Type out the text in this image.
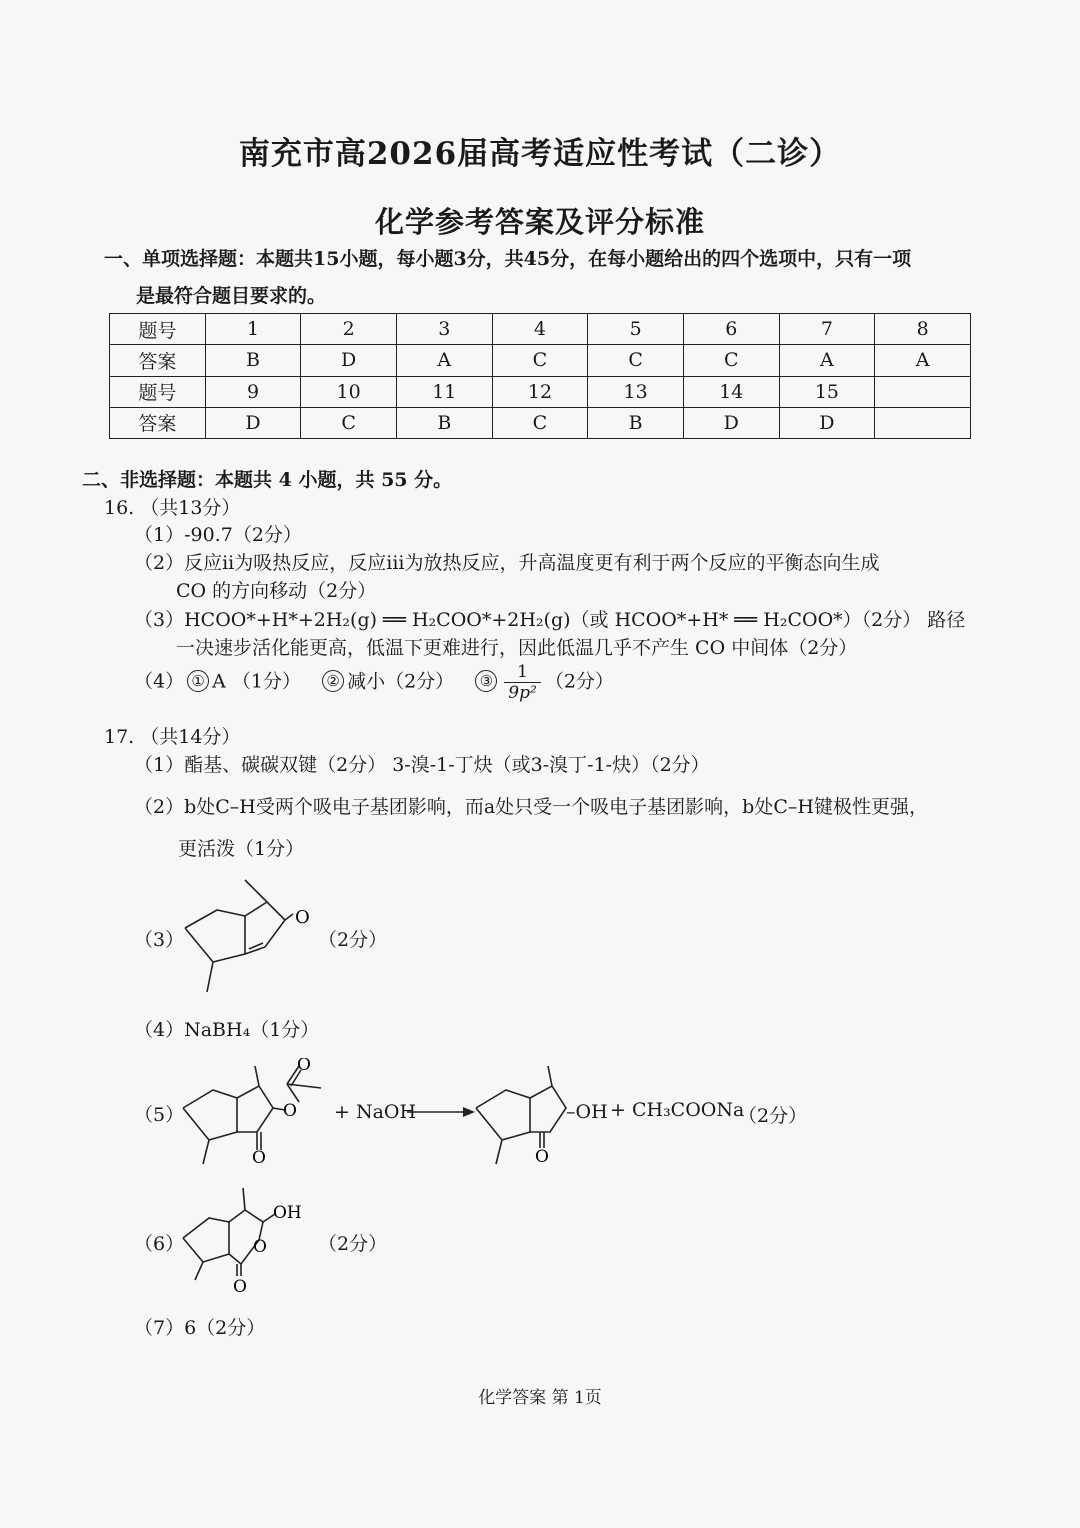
南充市高2026届高考适应性考试（二诊）
化学参考答案及评分标准
一、单项选择题：本题共15小题，每小题3分，共45分，在每小题给出的四个选项中，只有一项
是最符合题目要求的。
题号	1	2	3	4	5	6	7	8
答案	B	D	A	C	C	C	A	A
题号	9	10	11	12	13	14	15	
答案	D	C	B	C	B	D	D	
二、非选择题：本题共 4 小题，共 55 分。
16. （共13分）
（1）-90.7（2分）
（2）反应ii为吸热反应，反应iii为放热反应，升高温度更有利于两个反应的平衡态向生成
CO 的方向移动（2分）
（3）HCOO*+H*+2H₂(g) ══ H₂COO*+2H₂(g)（或 HCOO*+H* ══ H₂COO*）（2分） 路径
一决速步活化能更高，低温下更难进行，因此低温几乎不产生 CO 中间体（2分）
（4） ① A （1分） ② 减小（2分） ③ $\frac{1}{\text{9p²}} (2$分）
17. （共14分）
（1）酯基、碳碳双键（2分） 3-溴-1-丁炔（或3-溴丁-1-炔）（2分）
（2）b处C–H受两个吸电子基团影响，而a处只受一个吸电子基团影响，b处C–H键极性更强，
更活泼（1分）
（3）
O
（2分）
（4）NaBH₄（1分）
（5）
O
O
O
+ NaOH
O
–OH + CH₃COONa
（2分）
（6）
OH
O
O
（2分）
（7）6（2分）
化学答案 第 1页
